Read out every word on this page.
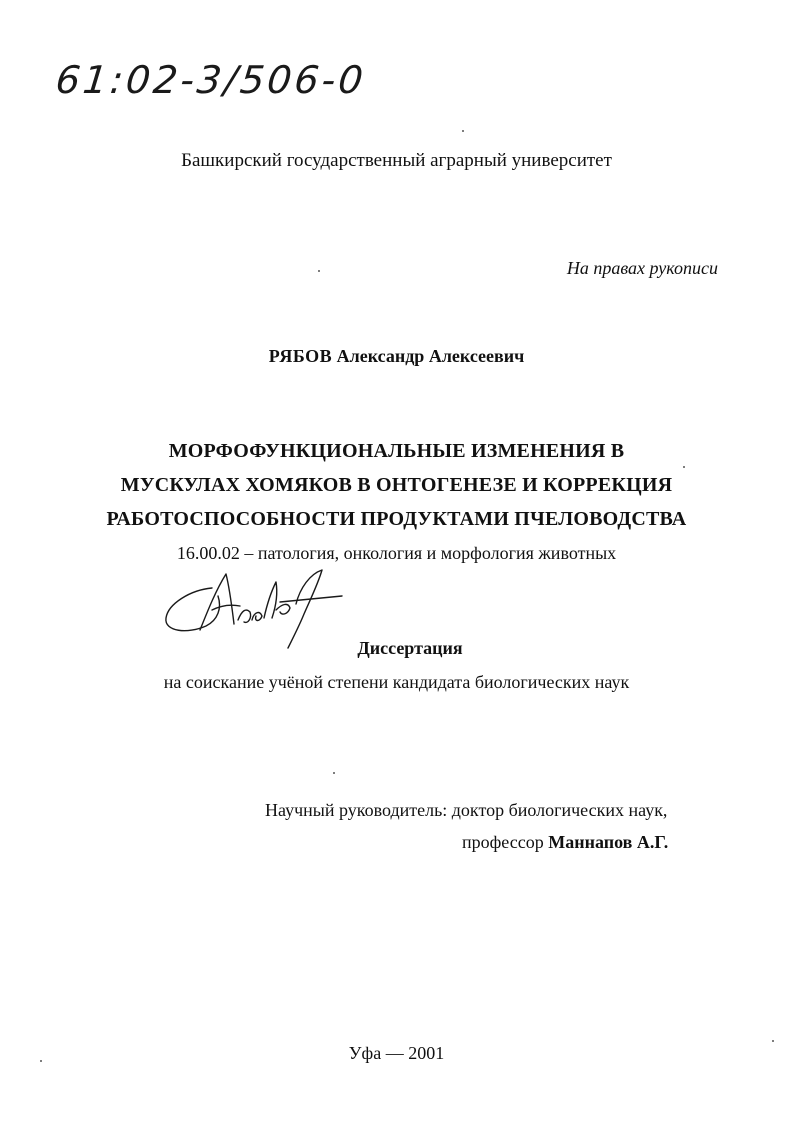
61:02-3/506-0
Башкирский государственный аграрный университет
На правах рукописи
РЯБОВ Александр Алексеевич
МОРФОФУНКЦИОНАЛЬНЫЕ ИЗМЕНЕНИЯ В
МУСКУЛАХ ХОМЯКОВ В ОНТОГЕНЕЗЕ И КОРРЕКЦИЯ
РАБОТОСПОСОБНОСТИ ПРОДУКТАМИ ПЧЕЛОВОДСТВА
16.00.02 – патология, онкология и морфология животных
Диссертация
на соискание учёной степени кандидата биологических наук
Научный руководитель: доктор биологических наук,
профессор Маннапов А.Г.
Уфа — 2001
